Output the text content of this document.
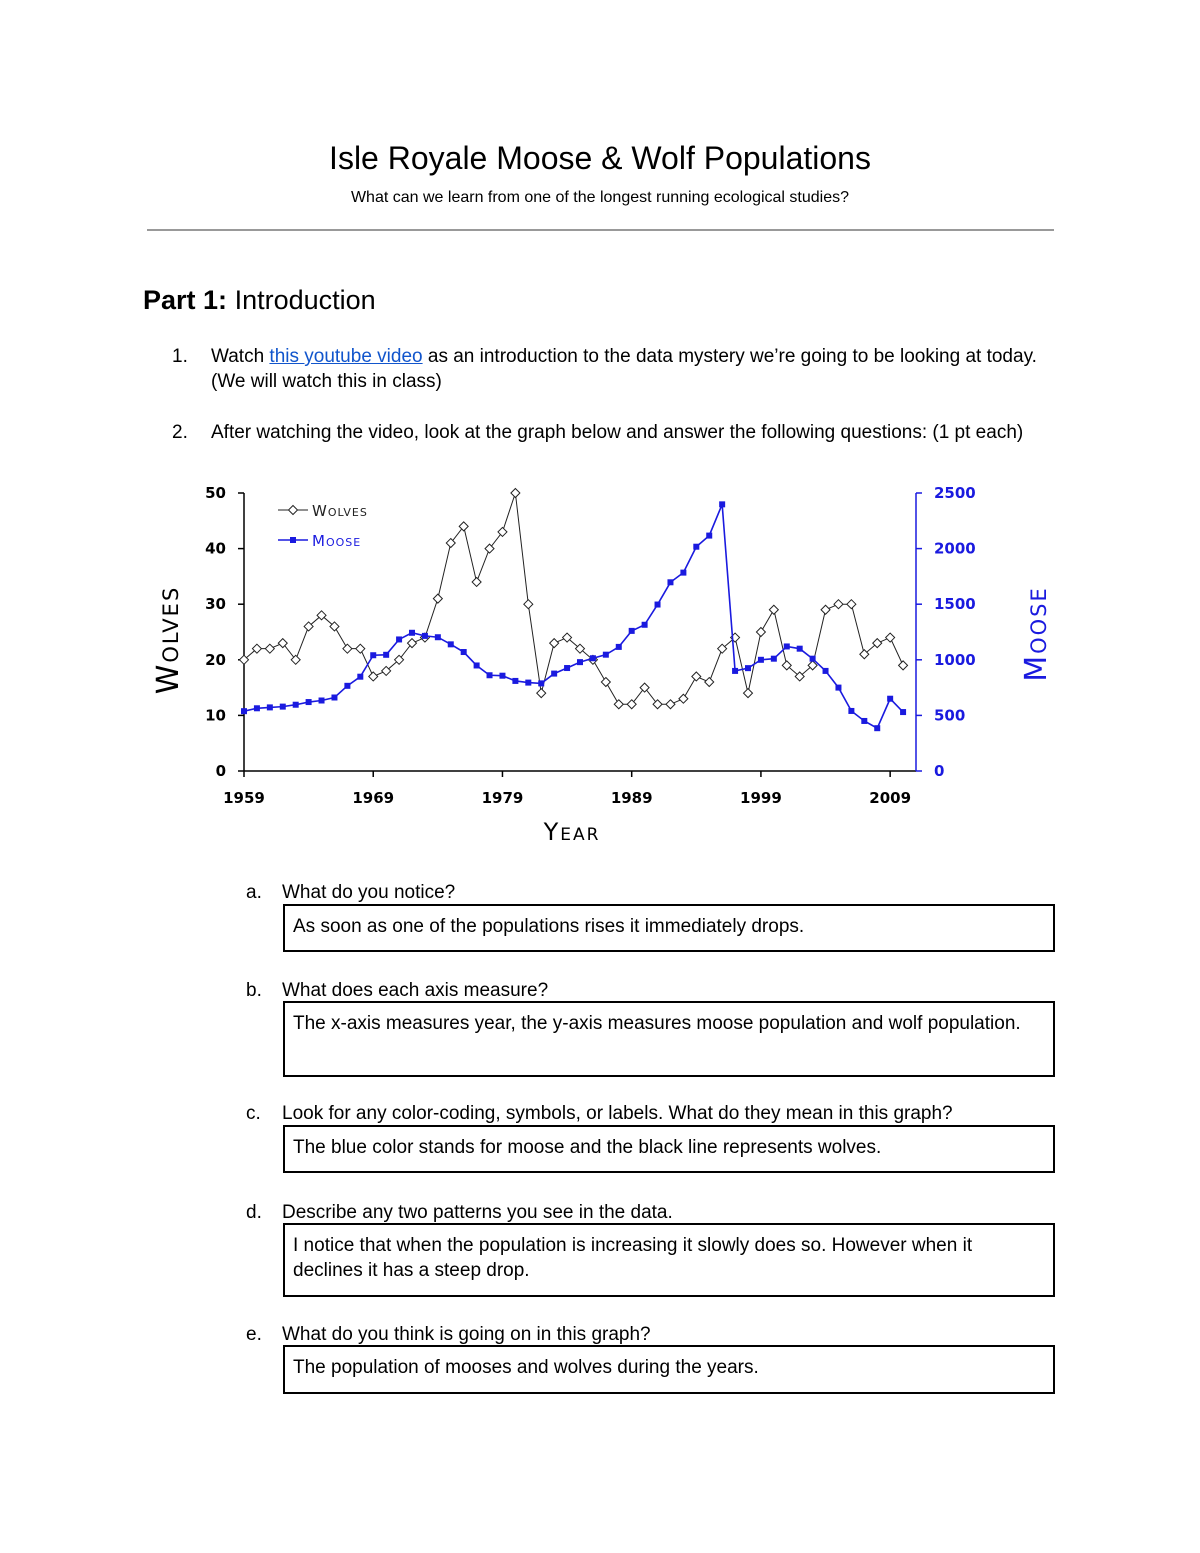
Isle Royale Moose & Wolf Populations
What can we learn from one of the longest running ecological studies?
Part 1: Introduction
1. Watch this youtube video as an introduction to the data mystery we’re going to be looking at today. (We will watch this in class)
2. After watching the video, look at the graph below and answer the following questions: (1 pt each)
Wolves
Moose
0
10
20
30
40
50
0
500
1000
1500
2000
2500
1959	1969	1979	1989	1999	2009
Year
Wolves	Moose
a. What do you notice?
As soon as one of the populations rises it immediately drops.
b. What does each axis measure?
The x-axis measures year, the y-axis measures moose population and wolf population.
c. Look for any color-coding, symbols, or labels. What do they mean in this graph?
The blue color stands for moose and the black line represents wolves.
d. Describe any two patterns you see in the data.
I notice that when the population is increasing it slowly does so. However when it declines it has a steep drop.
e. What do you think is going on in this graph?
The population of mooses and wolves during the years.
